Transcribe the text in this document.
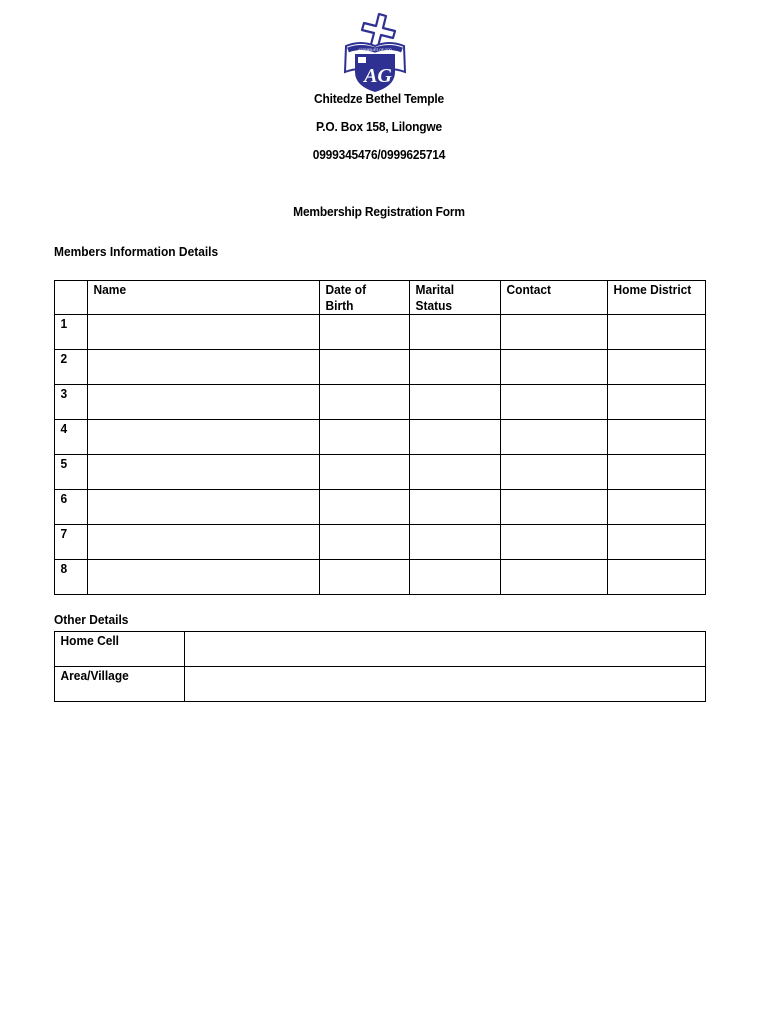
ASSEMBLIES OF GOD
AG
Chitedze Bethel Temple
P.O. Box 158, Lilongwe
0999345476/0999625714
Membership Registration Form
Members Information Details

	Name	Date of Birth	Marital Status	Contact	Home District

1					

2					

3					

4					

5					

6					

7					

8					

Other Details
Home Cell	

Area/Village	
